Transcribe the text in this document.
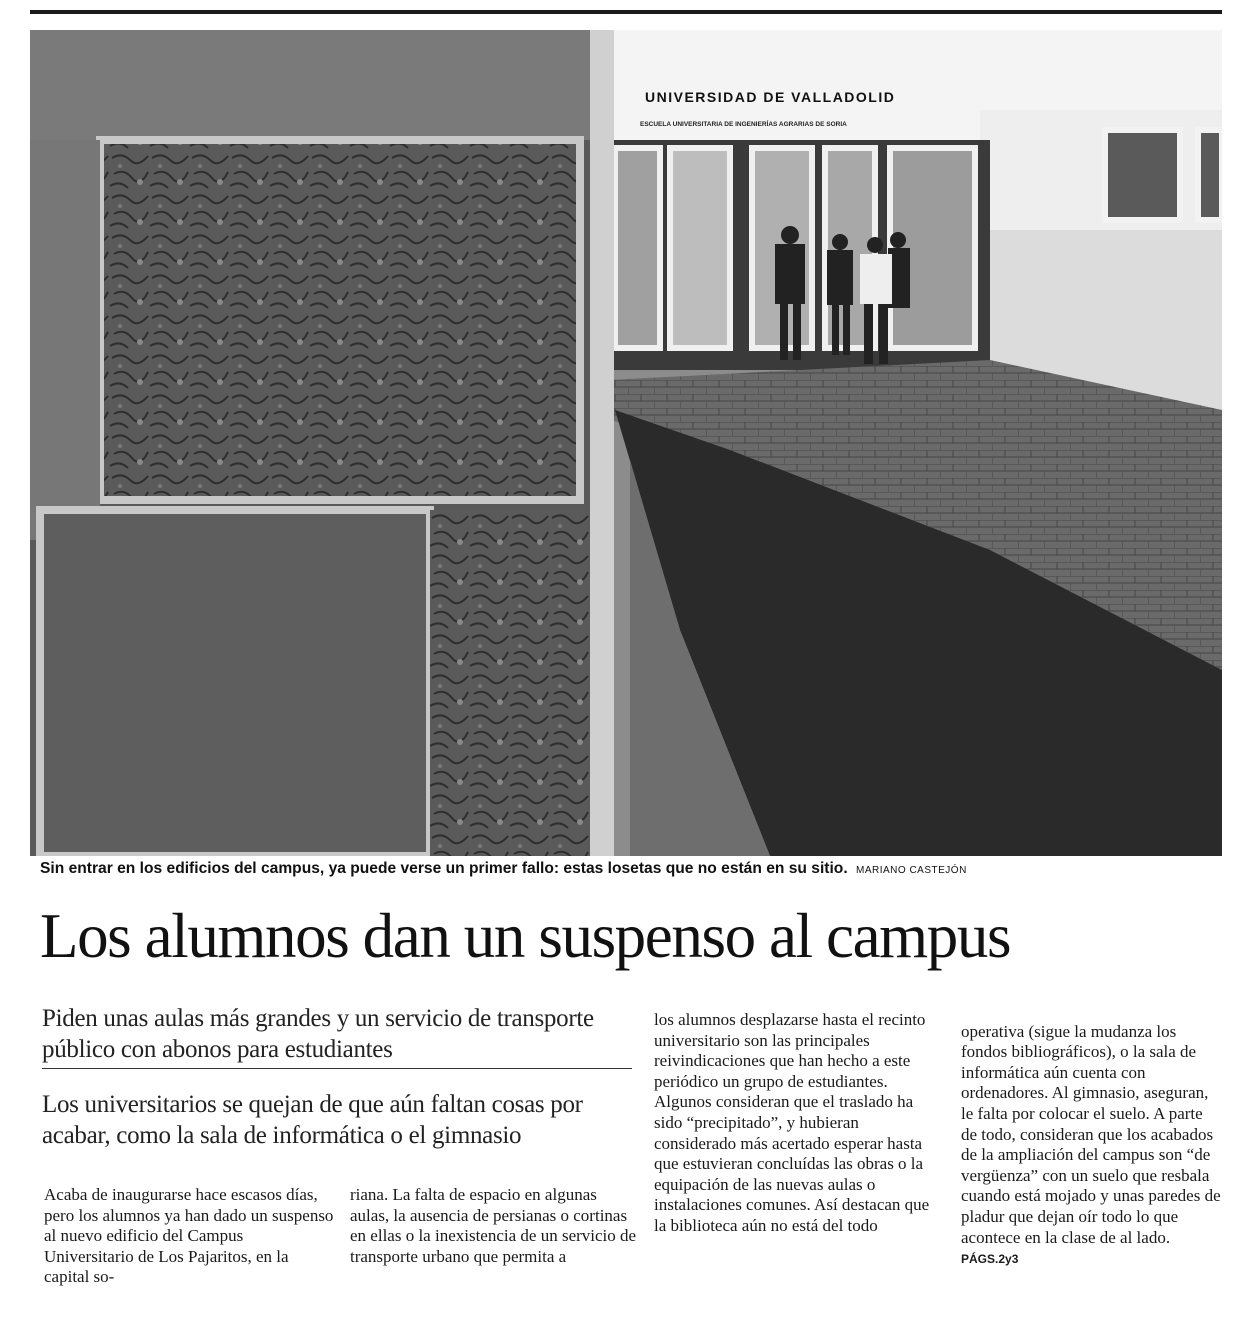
UNIVERSIDAD DE VALLADOLID
ESCUELA UNIVERSITARIA DE INGENIERÍAS AGRARIAS DE SORIA
Sin entrar en los edificios del campus, ya puede verse un primer fallo: estas losetas que no están en su sitio. MARIANO CASTEJÓN
Los alumnos dan un suspenso al campus
Piden unas aulas más grandes y un servicio de transporte público con abonos para estudiantes
Los universitarios se quejan de que aún faltan cosas por acabar, como la sala de informática o el gimnasio
Acaba de inaugurarse hace escasos días, pero los alumnos ya han dado un suspenso al nuevo edificio del Campus Universitario de Los Pajaritos, en la capital so-
riana. La falta de espacio en algunas aulas, la ausencia de persianas o cortinas en ellas o la inexistencia de un servicio de transporte urbano que permita a
los alumnos desplazarse hasta el recinto universitario son las principales reivindicaciones que han hecho a este periódico un grupo de estudiantes. Algunos consideran que el traslado ha sido “precipitado”, y hubieran considerado más acertado esperar hasta que estuvieran concluídas las obras o la equipación de las nuevas aulas o instalaciones comunes. Así destacan que la biblioteca aún no está del todo

operativa (sigue la mudanza los fondos bibliográficos), o la sala de informática aún cuenta con ordenadores. Al gimnasio, aseguran, le falta por colocar el suelo. A parte de todo, consideran que los acabados de la ampliación del campus son “de vergüenza” con un suelo que resbala cuando está mojado y unas paredes de pladur que dejan oír todo lo que acontece en la clase de al lado.
PÁGS.2y3
